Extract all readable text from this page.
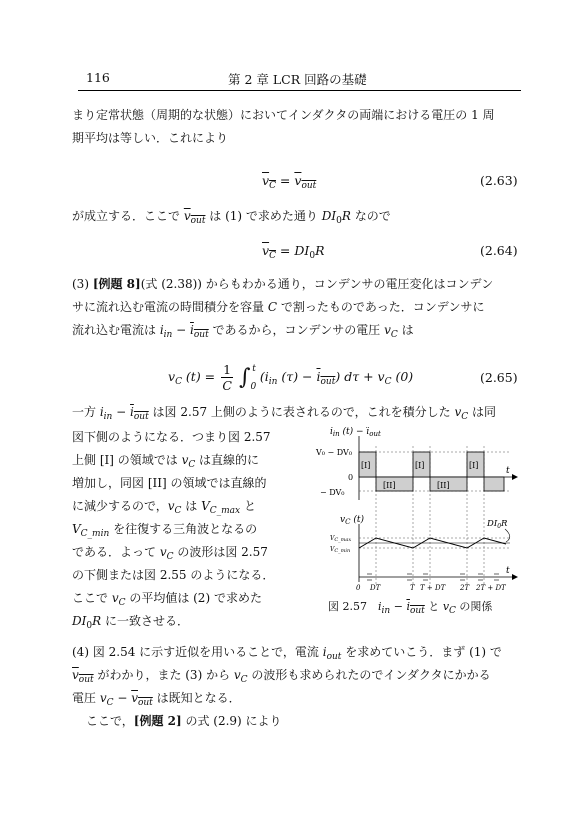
116	第 2 章 LCR 回路の基礎
まり定常状態（周期的な状態）においてインダクタの両端における電圧の 1 周
期平均は等しい．これにより
$v_C = v_{out}$	(2.63)
が成立する．ここで $v_{out}$ は (1) で求めた通り $DI_0R$ なので
$v_C = DI_0R$	(2.64)
(3) [例題 8](式 (2.38)) からもわかる通り，コンデンサの電圧変化はコンデン
サに流れ込む電流の時間積分を容量 C で割ったものであった．コンデンサに
流れ込む電流は $i_{in} - i_{out}$ であるから，コンデンサの電圧 $v_C$ は
$v_C$ $(t) = \frac{1}{C} \int_0^t$ ($i_{in}$ $(\tau) - i_{out}$) $d\tau + v_C$ (0)	(2.65)
一方 $i_{in} - i_{out}$ は図 2.57 上側のように表されるので，これを積分した $v_C$ は同
図下側のようになる．つまり図 2.57
上側 [I] の領域では $v_C$ は直線的に
増加し，同図 [II] の領域では直線的
に減少するので，$v_C$ は $V_{C\_max}$ と
$V_{C\_min}$ を往復する三角波となるの
である．よって $v_C$ の波形は図 2.57
の下側または図 2.55 のようになる．
ここで $v_C$ の平均値は (2) で求めた
$DI_0R$ に一致させる．
$i_{in}$ $(t) - i_{out}$
t
V₀ − DV₀
0
− DV₀
[I]	[I]	[I]
[II]	[II]
$v_C$ (t)
t
VC_max
VC_min
$DI_0R$
0 DT	T T + DT 2T 2T + DT
図 2.57　$i_{in} - i_{out}$ と $v_C$ の関係
(4) 図 2.54 に示す近似を用いることで，電流 $i_{out}$ を求めていこう．まず (1) で
$v_{out}$ がわかり，また (3) から $v_C$ の波形も求められたのでインダクタにかかる
電圧 $v_C - v_{out}$ は既知となる．
ここで，[例題 2] の式 (2.9) により
